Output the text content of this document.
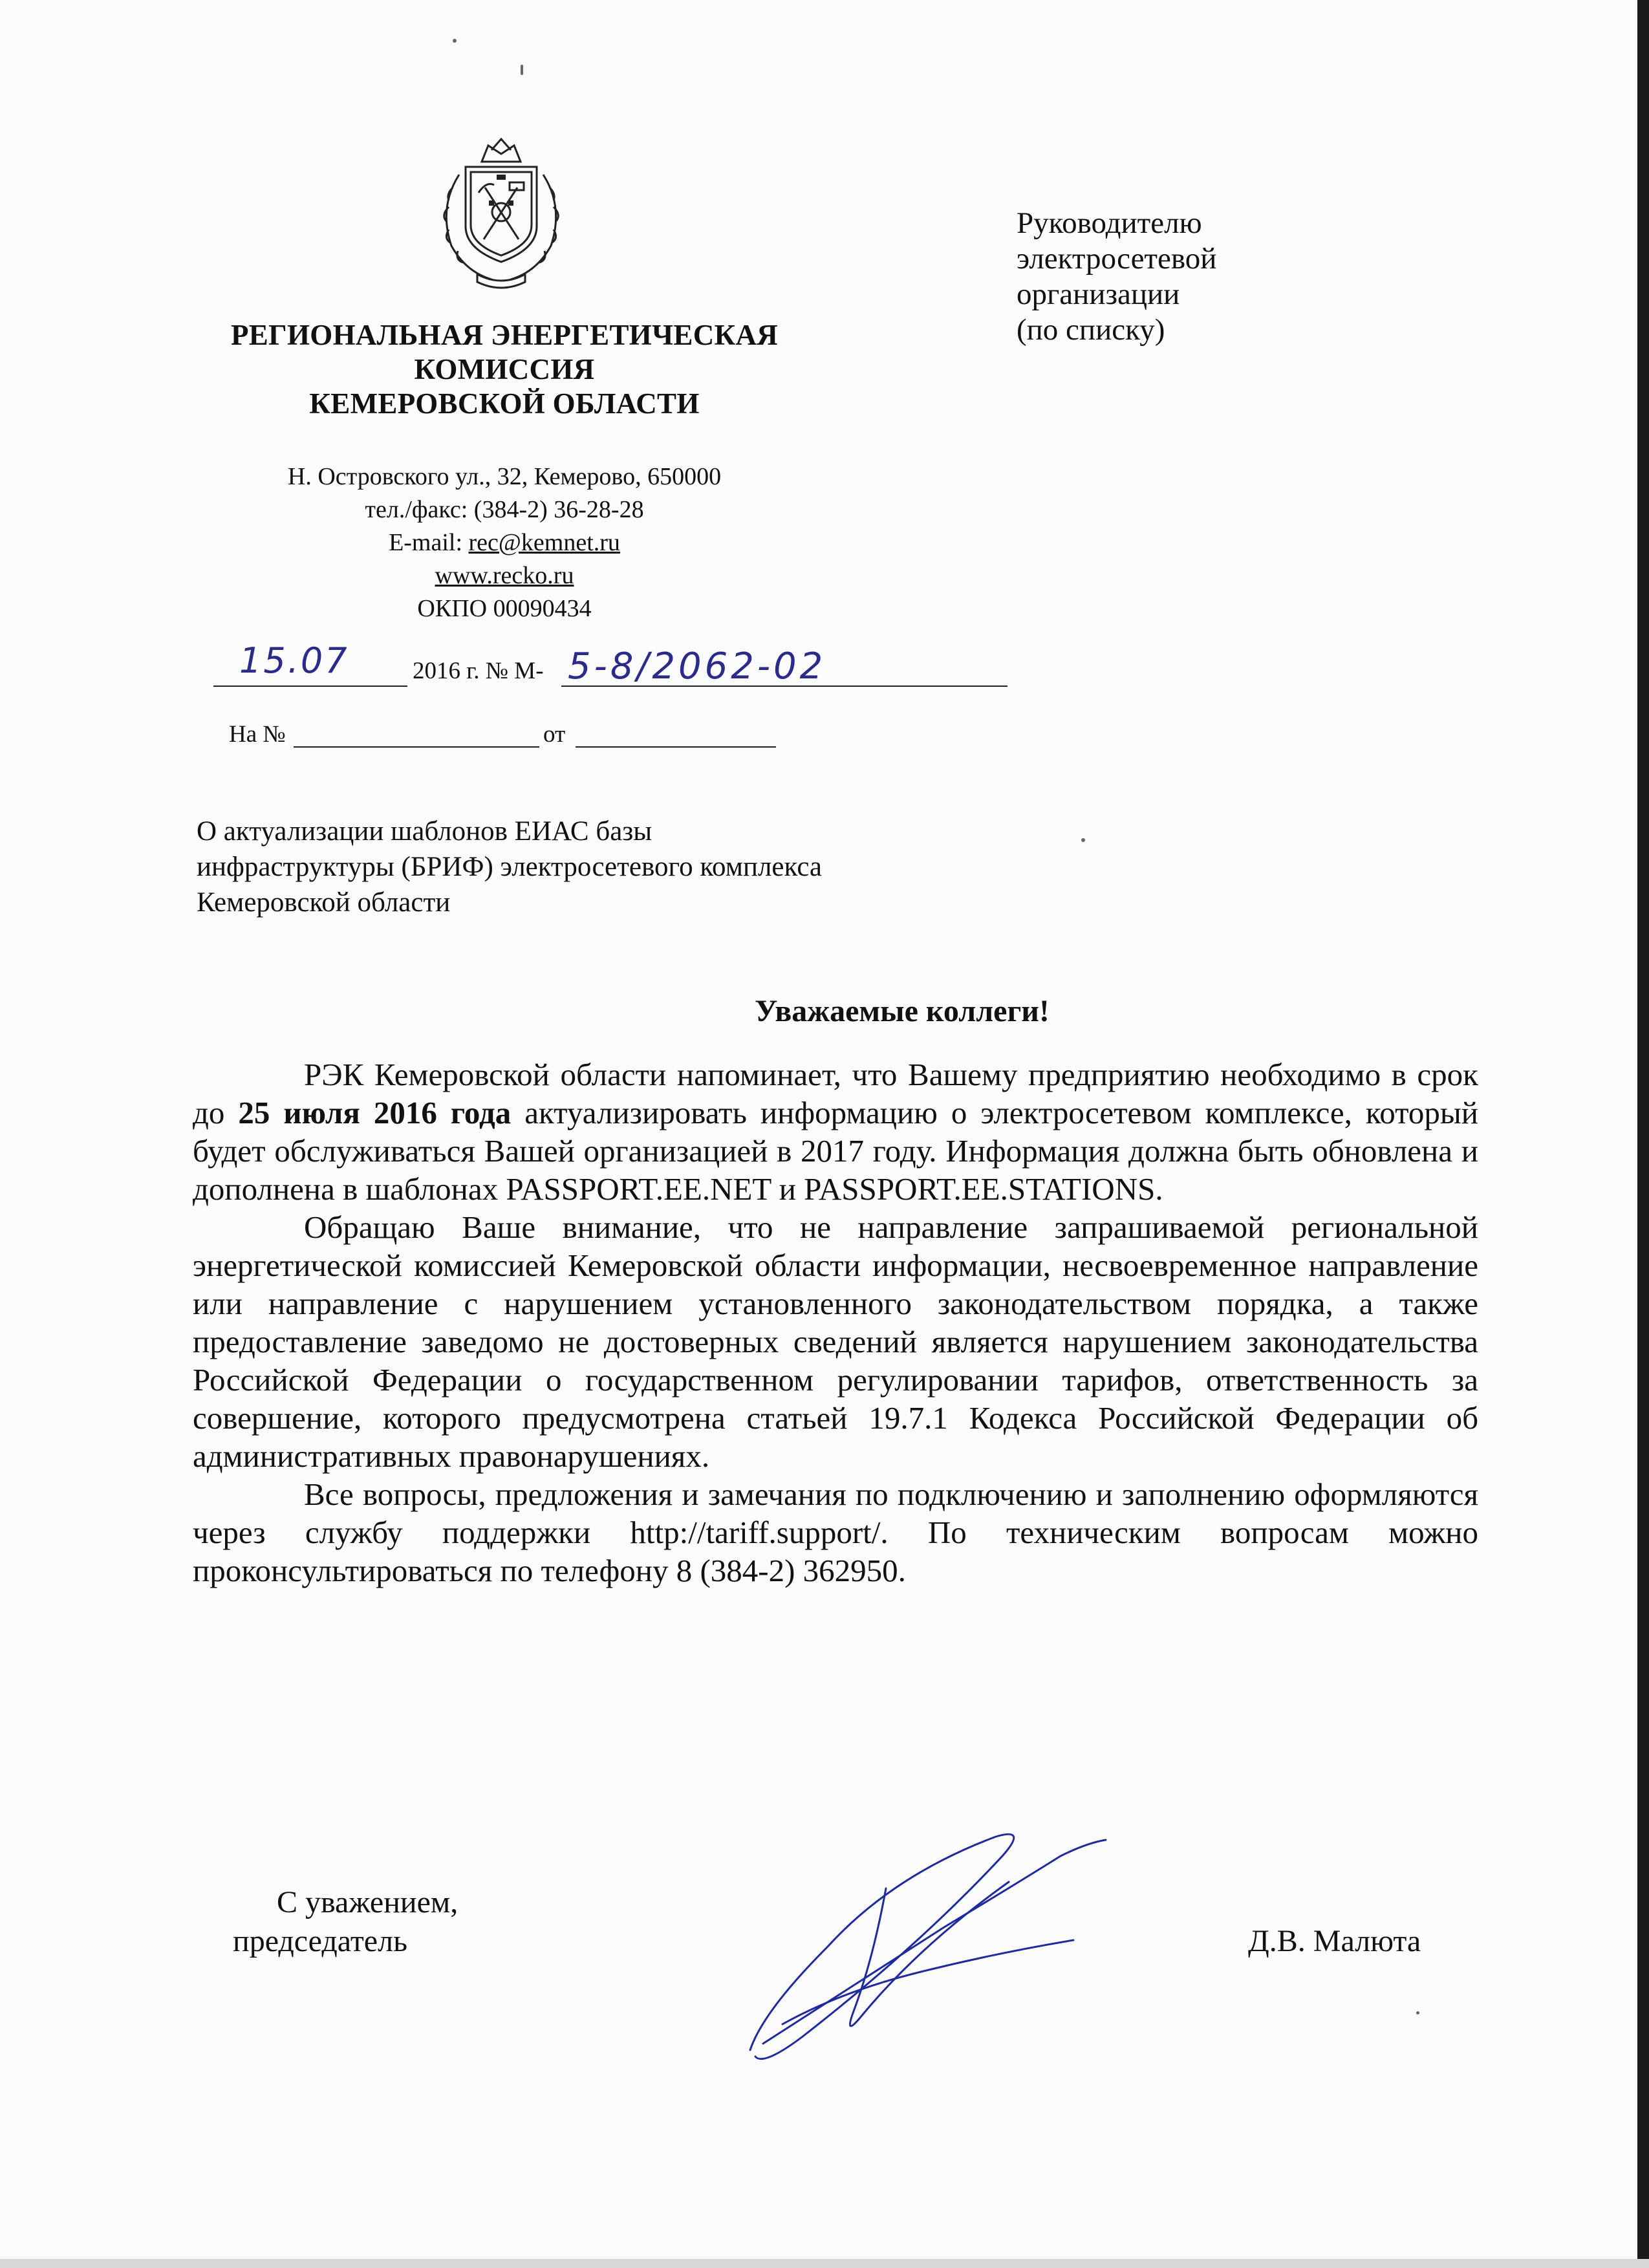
РЕГИОНАЛЬНАЯ ЭНЕРГЕТИЧЕСКАЯ
КОМИССИЯ
КЕМЕРОВСКОЙ ОБЛАСТИ
Н. Островского ул., 32, Кемерово, 650000
тел./факс: (384-2) 36-28-28
E-mail: rec@kemnet.ru
www.recko.ru
ОКПО 00090434
Руководителю
электросетевой
организации
(по списку)
2016 г. № М-
15.07	5-8/2062-02
На №	от
О актуализации шаблонов ЕИАС базы
инфраструктуры (БРИФ) электросетевого комплекса
Кемеровской области
Уважаемые коллеги!

РЭК Кемеровской области напоминает, что Вашему предприятию необходимо в срок до 25 июля 2016 года актуализировать информацию о электросетевом комплексе, который будет обслуживаться Вашей организацией в 2017 году. Информация должна быть обновлена и дополнена в шаблонах PASSPORT.EE.NET и PASSPORT.EE.STATIONS.

Обращаю Ваше внимание, что не направление запрашиваемой региональной энергетической комиссией Кемеровской области информации, несвоевременное направление или направление с нарушением установленного законодательством порядка, а также предоставление заведомо не достоверных сведений является нарушением законодательства Российской Федерации о государственном регулировании тарифов, ответственность за совершение, которого предусмотрена статьей 19.7.1 Кодекса Российской Федерации об административных правонарушениях.

Все вопросы, предложения и замечания по подключению и заполнению оформляются через службу поддержки http://tariff.support/. По техническим вопросам можно проконсультироваться по телефону 8 (384-2) 362950.

С уважением,
председатель	Д.В. Малюта
